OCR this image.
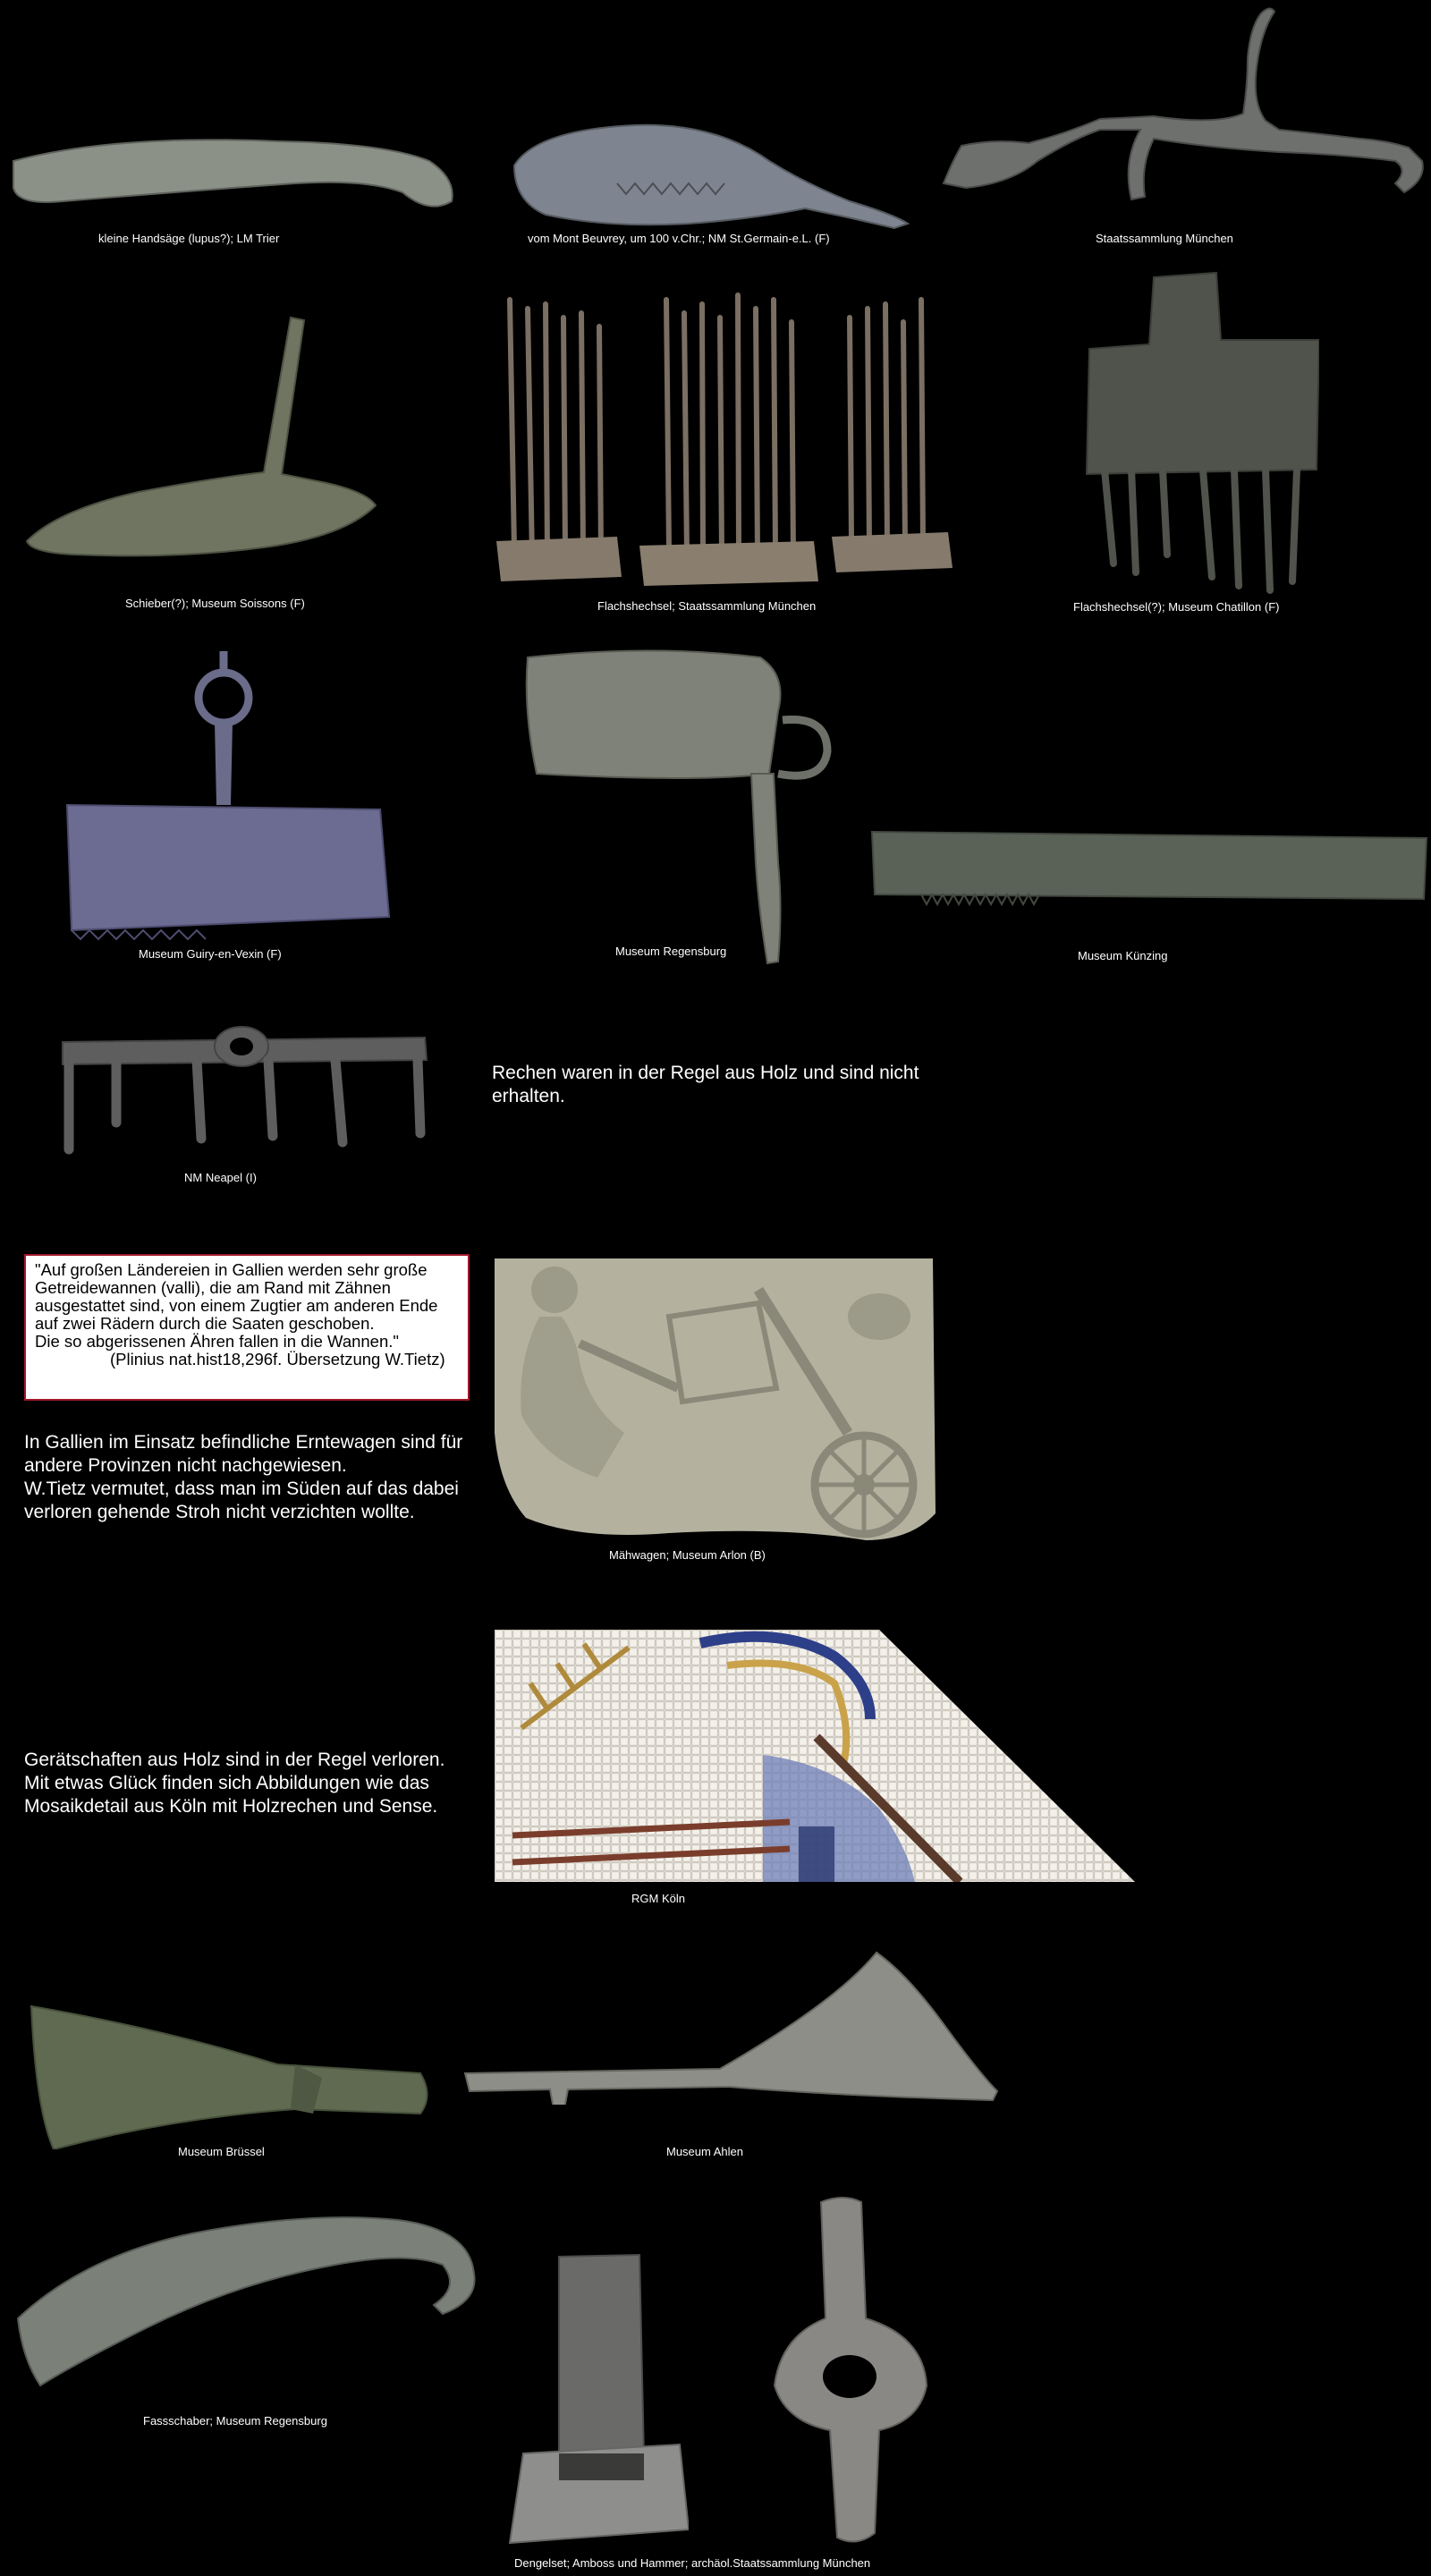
kleine Handsäge (lupus?); LM Trier	vom Mont Beuvrey, um 100 v.Chr.; NM St.Germain-e.L. (F)	Staatssammlung München
Schieber(?); Museum Soissons (F)	Flachshechsel; Staatssammlung München	Flachshechsel(?); Museum Chatillon (F)
Museum Guiry-en-Vexin (F)	Museum Regensburg	Museum Künzing
NM Neapel (I)
Rechen waren in der Regel aus Holz und sind nicht
erhalten.
"Auf großen Ländereien in Gallien werden sehr große
Getreidewannen (valli), die am Rand mit Zähnen
ausgestattet sind, von einem Zugtier am anderen Ende
auf zwei Rädern durch die Saaten geschoben.
Die so abgerissenen Ähren fallen in die Wannen."
(Plinius nat.hist18,296f. Übersetzung W.Tietz)
In Gallien im Einsatz befindliche Erntewagen sind für
andere Provinzen nicht nachgewiesen.
W.Tietz vermutet, dass man im Süden auf das dabei
verloren gehende Stroh nicht verzichten wollte.
Mähwagen; Museum Arlon (B)
Gerätschaften aus Holz sind in der Regel verloren.
Mit etwas Glück finden sich Abbildungen wie das
Mosaikdetail aus Köln mit Holzrechen und Sense.
RGM Köln
Museum Brüssel	Museum Ahlen
Fassschaber; Museum Regensburg
Dengelset; Amboss und Hammer; archäol.Staatssammlung München
